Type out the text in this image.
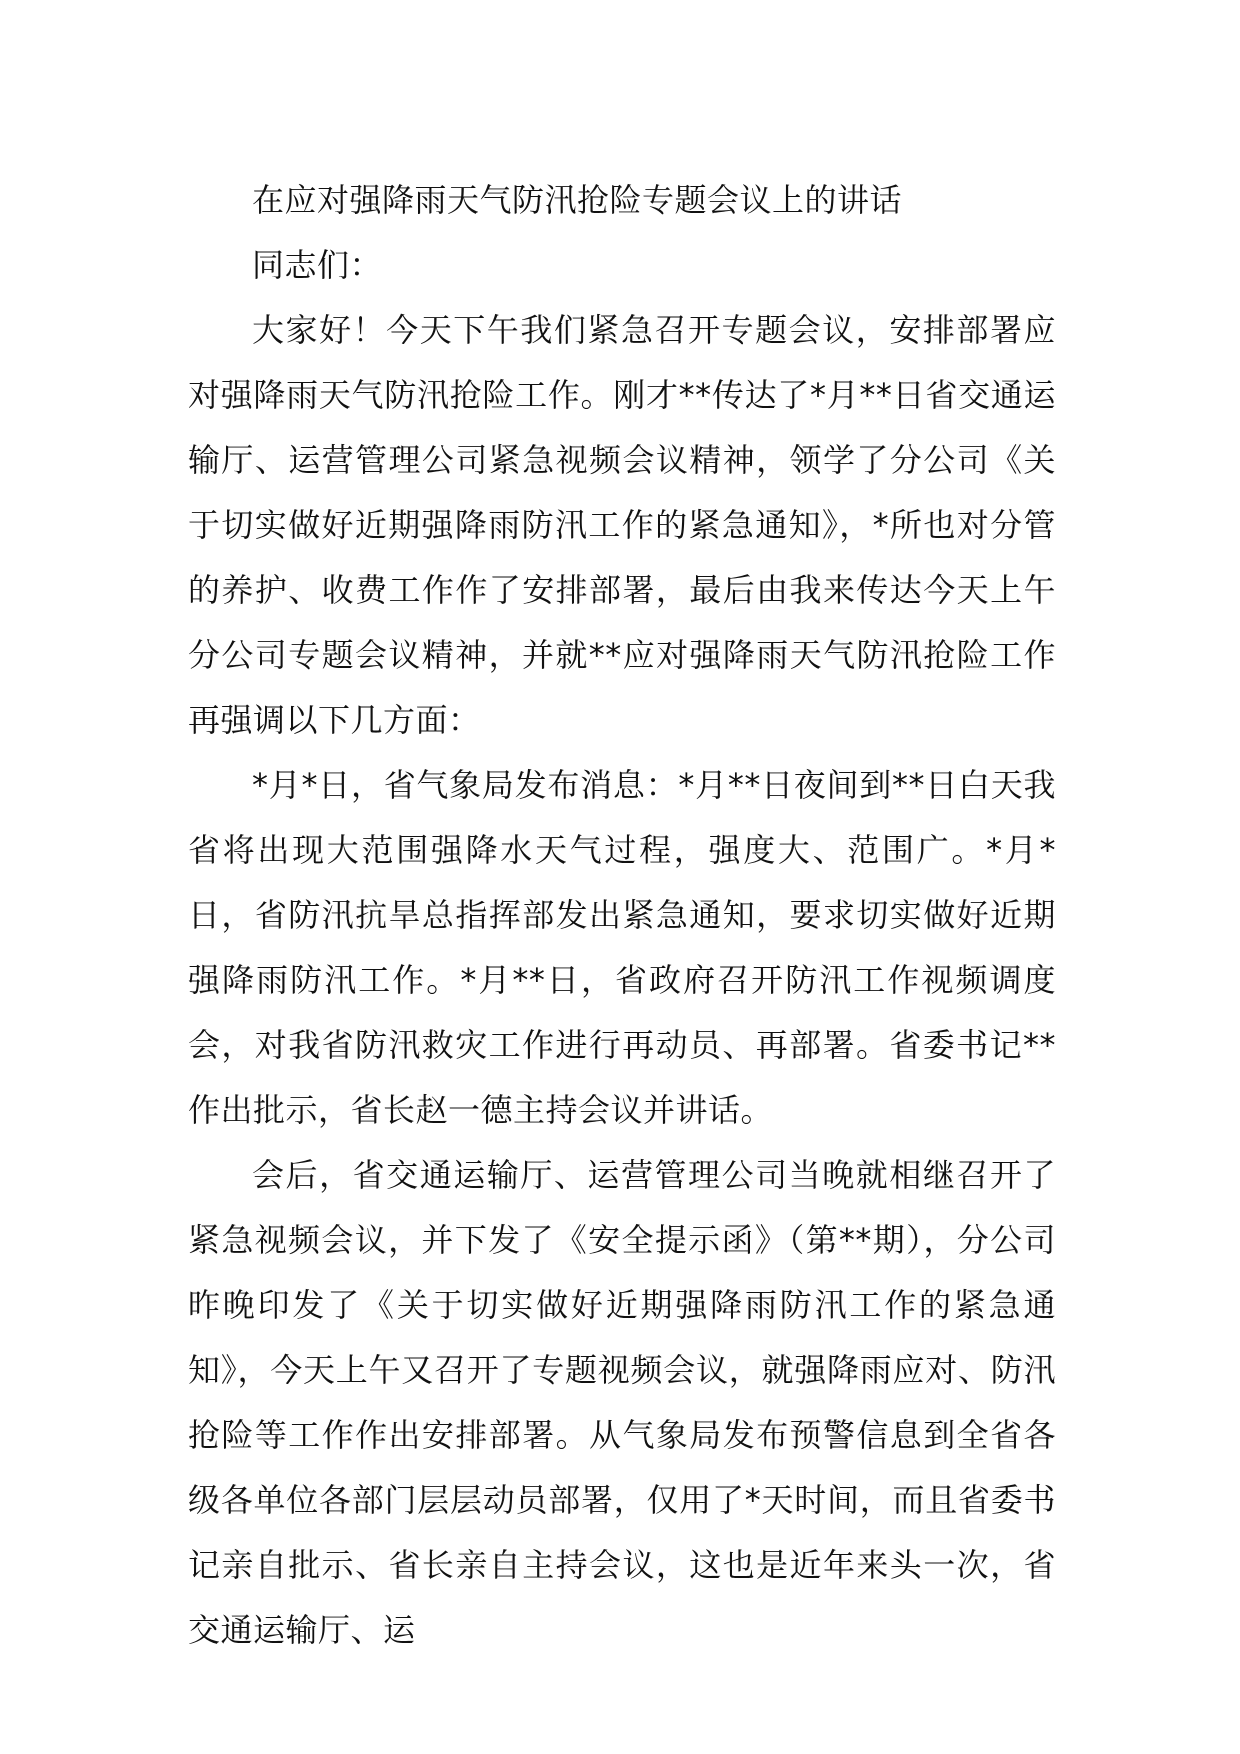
在应对强降雨天气防汛抢险专题会议上的讲话

同志们：

大家好！今天下午我们紧急召开专题会议，安排部署应对强降雨天气防汛抢险工作。刚才**传达了*月**日省交通运输厅、运营管理公司紧急视频会议精神，领学了分公司《关于切实做好近期强降雨防汛工作的紧急通知》，*所也对分管的养护、收费工作作了安排部署，最后由我来传达今天上午分公司专题会议精神，并就**应对强降雨天气防汛抢险工作再强调以下几方面：

*月*日，省气象局发布消息：*月**日夜间到**日白天我省将出现大范围强降水天气过程，强度大、范围广。*月*日，省防汛抗旱总指挥部发出紧急通知，要求切实做好近期强降雨防汛工作。*月**日，省政府召开防汛工作视频调度会，对我省防汛救灾工作进行再动员、再部署。省委书记**作出批示，省长赵一德主持会议并讲话。

会后，省交通运输厅、运营管理公司当晚就相继召开了紧急视频会议，并下发了《安全提示函》（第**期），分公司昨晚印发了《关于切实做好近期强降雨防汛工作的紧急通知》，今天上午又召开了专题视频会议，就强降雨应对、防汛抢险等工作作出安排部署。从气象局发布预警信息到全省各级各单位各部门层层动员部署，仅用了*天时间，而且省委书记亲自批示、省长亲自主持会议，这也是近年来头一次，省交通运输厅、运
